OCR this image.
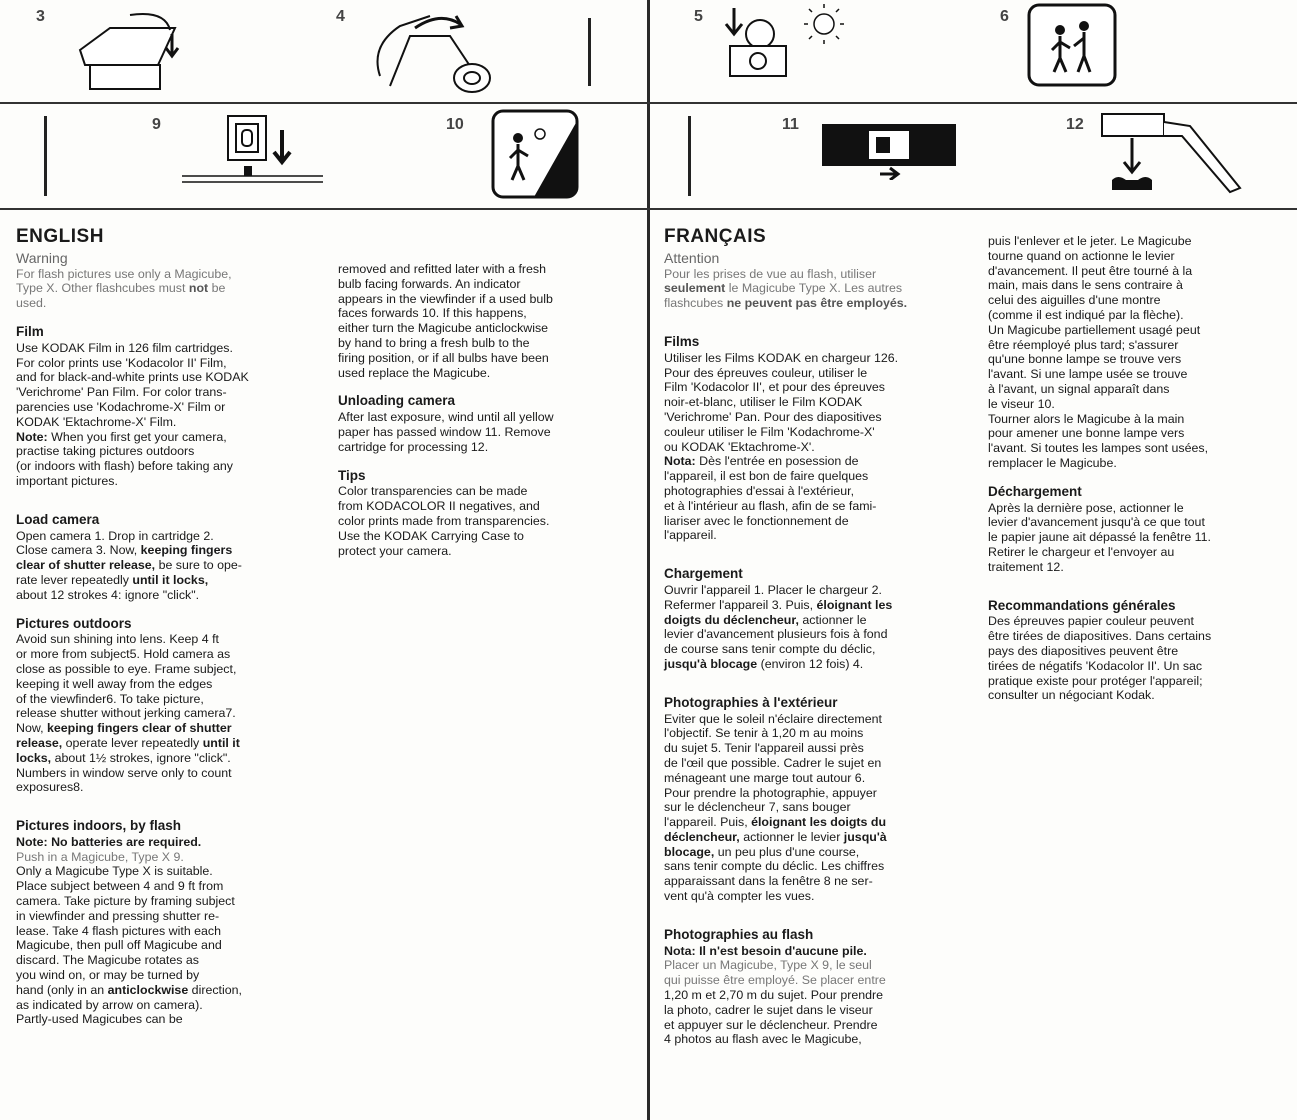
3	4	5	6
9	10	11	12
ENGLISH
Warning

For flash pictures use only a Magicube,

Type X. Other flashcubes must not be

used.

Film

Use KODAK Film in 126 film cartridges.

For color prints use 'Kodacolor II' Film,

and for black-and-white prints use KODAK

'Verichrome' Pan Film. For color trans-

parencies use 'Kodachrome-X' Film or

KODAK 'Ektachrome-X' Film.

Note: When you first get your camera,

practise taking pictures outdoors

(or indoors with flash) before taking any

important pictures.

Load camera

Open camera 1. Drop in cartridge 2.

Close camera 3. Now, keeping fingers

clear of shutter release, be sure to ope-

rate lever repeatedly until it locks,

about 12 strokes 4: ignore "click".

Pictures outdoors

Avoid sun shining into lens. Keep 4 ft

or more from subject5. Hold camera as

close as possible to eye. Frame subject,

keeping it well away from the edges

of the viewfinder6. To take picture,

release shutter without jerking camera7.

Now, keeping fingers clear of shutter

release, operate lever repeatedly until it

locks, about 1½ strokes, ignore "click".

Numbers in window serve only to count

exposures8.

Pictures indoors, by flash

Note: No batteries are required.

Push in a Magicube, Type X 9.

Only a Magicube Type X is suitable.

Place subject between 4 and 9 ft from

camera. Take picture by framing subject

in viewfinder and pressing shutter re-

lease. Take 4 flash pictures with each

Magicube, then pull off Magicube and

discard. The Magicube rotates as

you wind on, or may be turned by

hand (only in an anticlockwise direction,

as indicated by arrow on camera).

Partly-used Magicubes can be

removed and refitted later with a fresh

bulb facing forwards. An indicator

appears in the viewfinder if a used bulb

faces forwards 10. If this happens,

either turn the Magicube anticlockwise

by hand to bring a fresh bulb to the

firing position, or if all bulbs have been

used replace the Magicube.

Unloading camera

After last exposure, wind until all yellow

paper has passed window 11. Remove

cartridge for processing 12.

Tips

Color transparencies can be made

from KODACOLOR II negatives, and

color prints made from transparencies.

Use the KODAK Carrying Case to

protect your camera.

FRANÇAIS
Attention

Pour les prises de vue au flash, utiliser

seulement le Magicube Type X. Les autres

flashcubes ne peuvent pas être employés.

Films

Utiliser les Films KODAK en chargeur 126.

Pour des épreuves couleur, utiliser le

Film 'Kodacolor II', et pour des épreuves

noir-et-blanc, utiliser le Film KODAK

'Verichrome' Pan. Pour des diapositives

couleur utiliser le Film 'Kodachrome-X'

ou KODAK 'Ektachrome-X'.

Nota: Dès l'entrée en posession de

l'appareil, il est bon de faire quelques

photographies d'essai à l'extérieur,

et à l'intérieur au flash, afin de se fami-

liariser avec le fonctionnement de

l'appareil.

Chargement

Ouvrir l'appareil 1. Placer le chargeur 2.

Refermer l'appareil 3. Puis, éloignant les

doigts du déclencheur, actionner le

levier d'avancement plusieurs fois à fond

de course sans tenir compte du déclic,

jusqu'à blocage (environ 12 fois) 4.

Photographies à l'extérieur

Eviter que le soleil n'éclaire directement

l'objectif. Se tenir à 1,20 m au moins

du sujet 5. Tenir l'appareil aussi près

de l'œil que possible. Cadrer le sujet en

ménageant une marge tout autour 6.

Pour prendre la photographie, appuyer

sur le déclencheur 7, sans bouger

l'appareil. Puis, éloignant les doigts du

déclencheur, actionner le levier jusqu'à

blocage, un peu plus d'une course,

sans tenir compte du déclic. Les chiffres

apparaissant dans la fenêtre 8 ne ser-

vent qu'à compter les vues.

Photographies au flash

Nota: Il n'est besoin d'aucune pile.

Placer un Magicube, Type X 9, le seul

qui puisse être employé. Se placer entre

1,20 m et 2,70 m du sujet. Pour prendre

la photo, cadrer le sujet dans le viseur

et appuyer sur le déclencheur. Prendre

4 photos au flash avec le Magicube,

puis l'enlever et le jeter. Le Magicube

tourne quand on actionne le levier

d'avancement. Il peut être tourné à la

main, mais dans le sens contraire à

celui des aiguilles d'une montre

(comme il est indiqué par la flèche).

Un Magicube partiellement usagé peut

être réemployé plus tard; s'assurer

qu'une bonne lampe se trouve vers

l'avant. Si une lampe usée se trouve

à l'avant, un signal apparaît dans

le viseur 10.

Tourner alors le Magicube à la main

pour amener une bonne lampe vers

l'avant. Si toutes les lampes sont usées,

remplacer le Magicube.

Déchargement

Après la dernière pose, actionner le

levier d'avancement jusqu'à ce que tout

le papier jaune ait dépassé la fenêtre 11.

Retirer le chargeur et l'envoyer au

traitement 12.

Recommandations générales

Des épreuves papier couleur peuvent

être tirées de diapositives. Dans certains

pays des diapositives peuvent être

tirées de négatifs 'Kodacolor II'. Un sac

pratique existe pour protéger l'appareil;

consulter un négociant Kodak.
